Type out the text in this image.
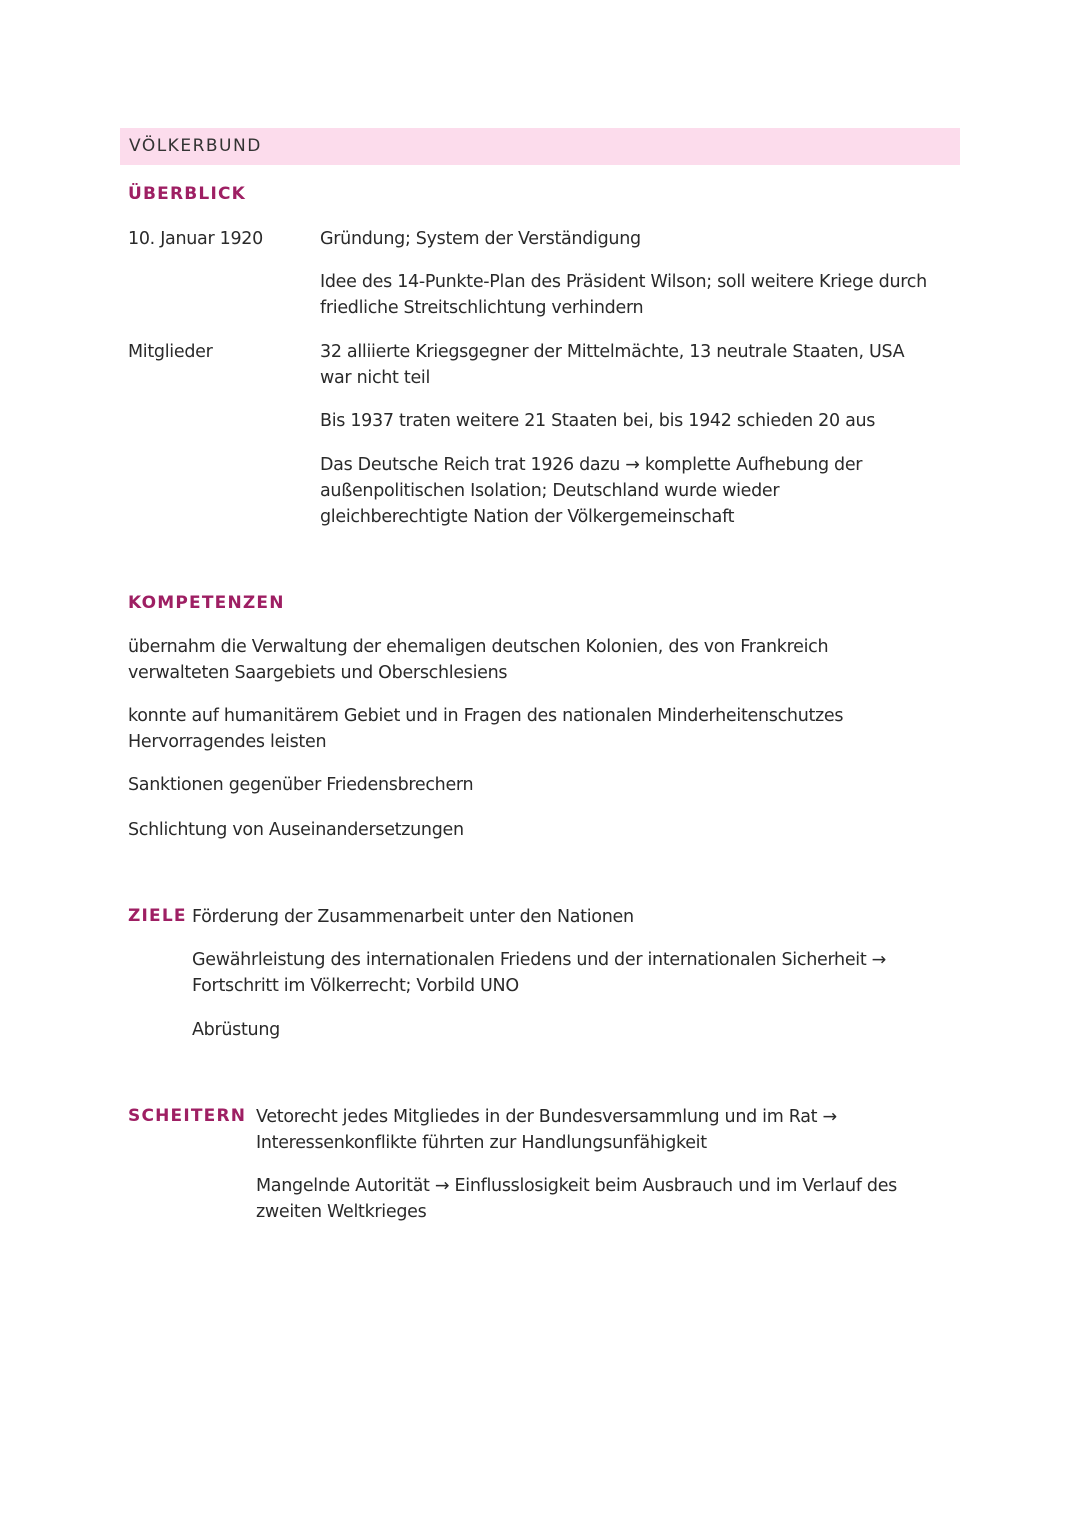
VÖLKERBUND
ÜBERBLICK
10. Januar 1920	Gründung; System der Verständigung
Idee des 14-Punkte-Plan des Präsident Wilson; soll weitere Kriege durch friedliche Streitschlichtung verhindern
Mitglieder	32 alliierte Kriegsgegner der Mittelmächte, 13 neutrale Staaten, USA war nicht teil
Bis 1937 traten weitere 21 Staaten bei, bis 1942 schieden 20 aus
Das Deutsche Reich trat 1926 dazu → komplette Aufhebung der außenpolitischen Isolation; Deutschland wurde wieder gleichberechtigte Nation der Völkergemeinschaft
KOMPETENZEN
übernahm die Verwaltung der ehemaligen deutschen Kolonien, des von Frankreich verwalteten Saargebiets und Oberschlesiens
konnte auf humanitärem Gebiet und in Fragen des nationalen Minderheitenschutzes Hervorragendes leisten
Sanktionen gegenüber Friedensbrechern
Schlichtung von Auseinandersetzungen
ZIELE Förderung der Zusammenarbeit unter den Nationen
Gewährleistung des internationalen Friedens und der internationalen Sicherheit → Fortschritt im Völkerrecht; Vorbild UNO
Abrüstung
SCHEITERN Vetorecht jedes Mitgliedes in der Bundesversammlung und im Rat → Interessenkonflikte führten zur Handlungsunfähigkeit
Mangelnde Autorität → Einflusslosigkeit beim Ausbrauch und im Verlauf des zweiten Weltkrieges
